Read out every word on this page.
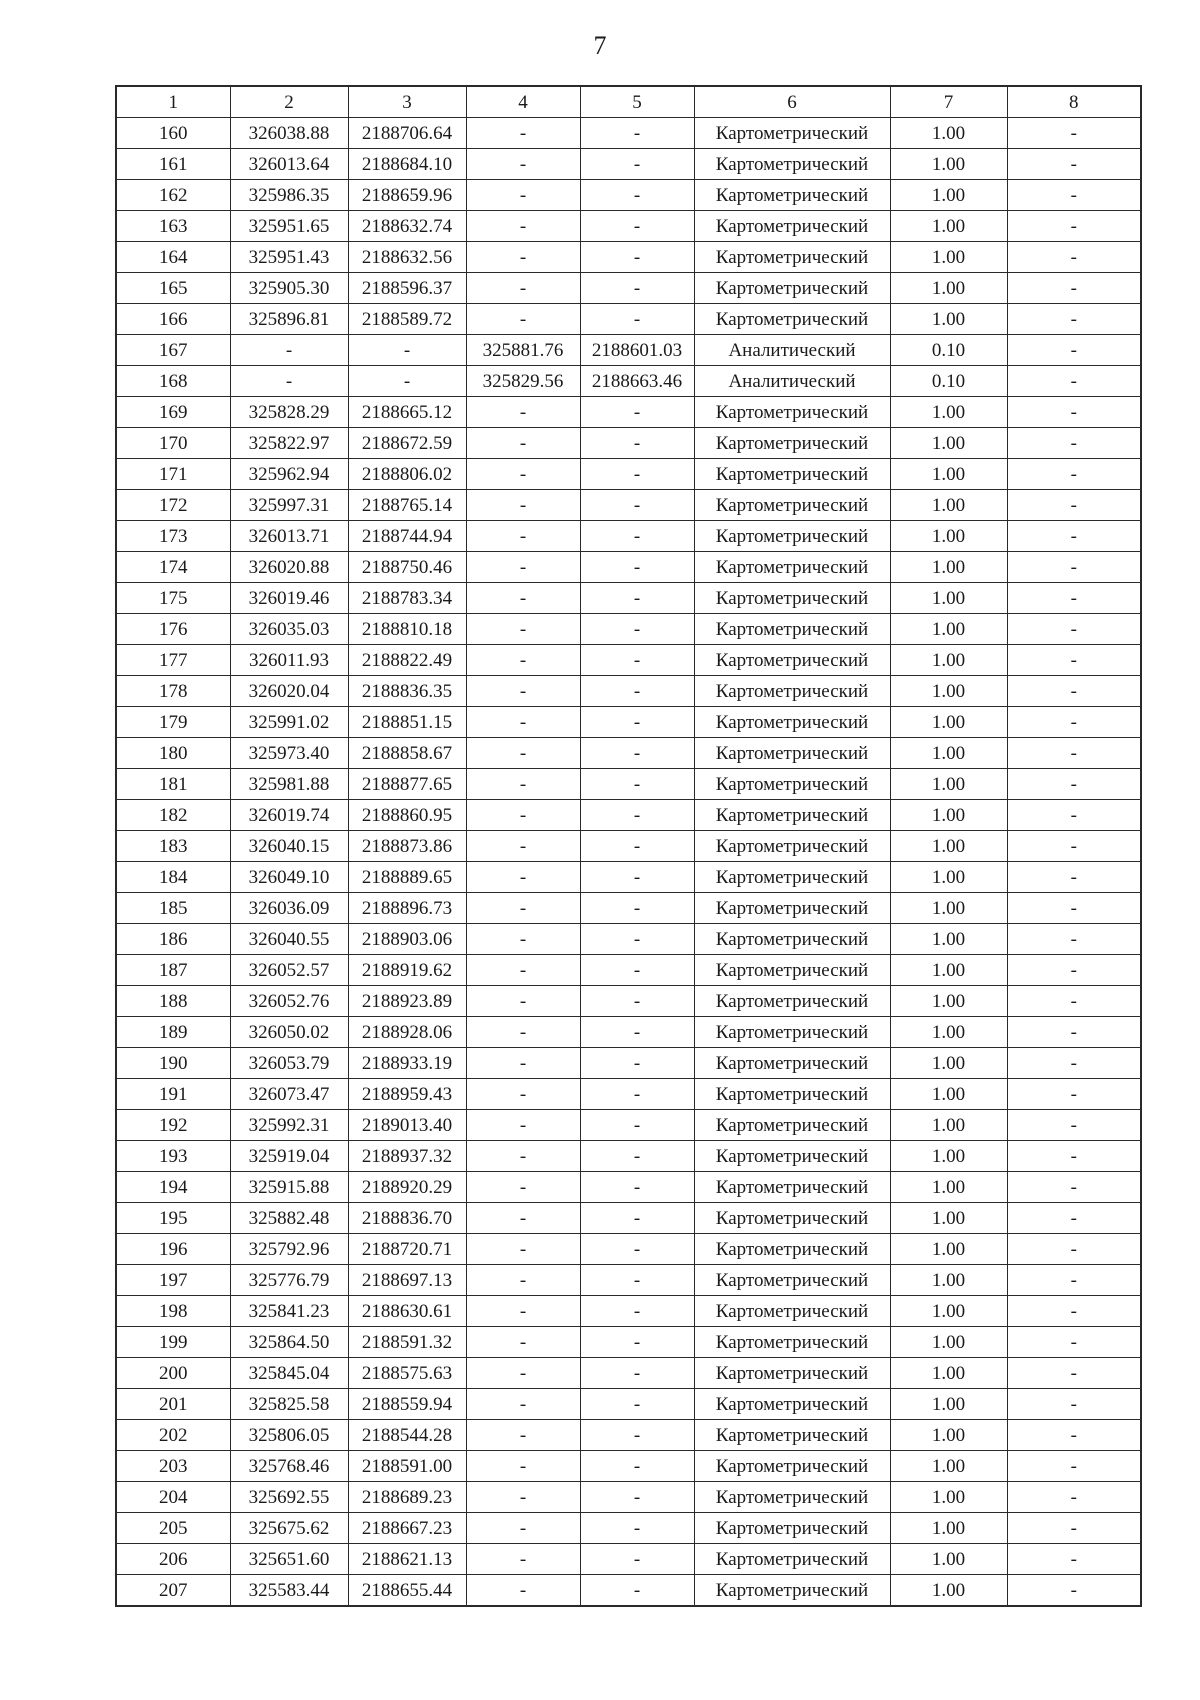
7
1	2	3	4	5	6	7	8
160	326038.88	2188706.64	-	-	Картометрический	1.00	-
161	326013.64	2188684.10	-	-	Картометрический	1.00	-
162	325986.35	2188659.96	-	-	Картометрический	1.00	-
163	325951.65	2188632.74	-	-	Картометрический	1.00	-
164	325951.43	2188632.56	-	-	Картометрический	1.00	-
165	325905.30	2188596.37	-	-	Картометрический	1.00	-
166	325896.81	2188589.72	-	-	Картометрический	1.00	-
167	-	-	325881.76	2188601.03	Аналитический	0.10	-
168	-	-	325829.56	2188663.46	Аналитический	0.10	-
169	325828.29	2188665.12	-	-	Картометрический	1.00	-
170	325822.97	2188672.59	-	-	Картометрический	1.00	-
171	325962.94	2188806.02	-	-	Картометрический	1.00	-
172	325997.31	2188765.14	-	-	Картометрический	1.00	-
173	326013.71	2188744.94	-	-	Картометрический	1.00	-
174	326020.88	2188750.46	-	-	Картометрический	1.00	-
175	326019.46	2188783.34	-	-	Картометрический	1.00	-
176	326035.03	2188810.18	-	-	Картометрический	1.00	-
177	326011.93	2188822.49	-	-	Картометрический	1.00	-
178	326020.04	2188836.35	-	-	Картометрический	1.00	-
179	325991.02	2188851.15	-	-	Картометрический	1.00	-
180	325973.40	2188858.67	-	-	Картометрический	1.00	-
181	325981.88	2188877.65	-	-	Картометрический	1.00	-
182	326019.74	2188860.95	-	-	Картометрический	1.00	-
183	326040.15	2188873.86	-	-	Картометрический	1.00	-
184	326049.10	2188889.65	-	-	Картометрический	1.00	-
185	326036.09	2188896.73	-	-	Картометрический	1.00	-
186	326040.55	2188903.06	-	-	Картометрический	1.00	-
187	326052.57	2188919.62	-	-	Картометрический	1.00	-
188	326052.76	2188923.89	-	-	Картометрический	1.00	-
189	326050.02	2188928.06	-	-	Картометрический	1.00	-
190	326053.79	2188933.19	-	-	Картометрический	1.00	-
191	326073.47	2188959.43	-	-	Картометрический	1.00	-
192	325992.31	2189013.40	-	-	Картометрический	1.00	-
193	325919.04	2188937.32	-	-	Картометрический	1.00	-
194	325915.88	2188920.29	-	-	Картометрический	1.00	-
195	325882.48	2188836.70	-	-	Картометрический	1.00	-
196	325792.96	2188720.71	-	-	Картометрический	1.00	-
197	325776.79	2188697.13	-	-	Картометрический	1.00	-
198	325841.23	2188630.61	-	-	Картометрический	1.00	-
199	325864.50	2188591.32	-	-	Картометрический	1.00	-
200	325845.04	2188575.63	-	-	Картометрический	1.00	-
201	325825.58	2188559.94	-	-	Картометрический	1.00	-
202	325806.05	2188544.28	-	-	Картометрический	1.00	-
203	325768.46	2188591.00	-	-	Картометрический	1.00	-
204	325692.55	2188689.23	-	-	Картометрический	1.00	-
205	325675.62	2188667.23	-	-	Картометрический	1.00	-
206	325651.60	2188621.13	-	-	Картометрический	1.00	-
207	325583.44	2188655.44	-	-	Картометрический	1.00	-
